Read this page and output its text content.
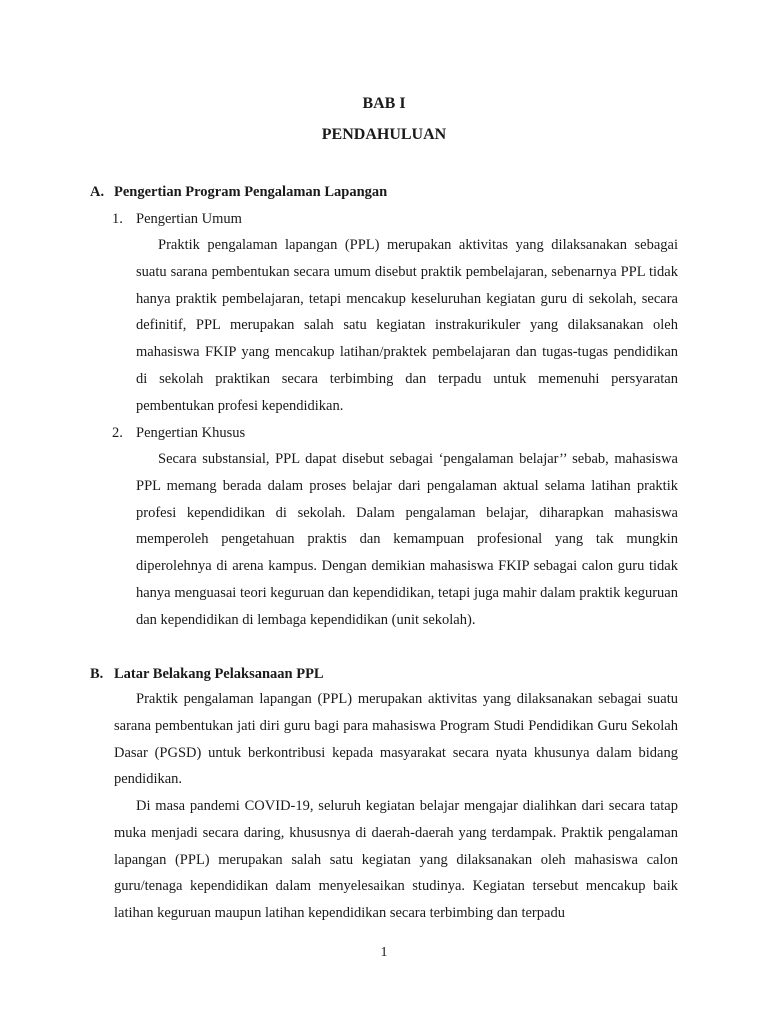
BAB I
PENDAHULUAN
A. Pengertian Program Pengalaman Lapangan
1. Pengertian Umum

Praktik pengalaman lapangan (PPL) merupakan aktivitas yang dilaksanakan sebagai suatu sarana pembentukan secara umum disebut praktik pembelajaran, sebenarnya PPL tidak hanya praktik pembelajaran, tetapi mencakup keseluruhan kegiatan guru di sekolah, secara definitif, PPL merupakan salah satu kegiatan instrakurikuler yang dilaksanakan oleh mahasiswa FKIP yang mencakup latihan/praktek pembelajaran dan tugas-tugas pendidikan di sekolah praktikan secara terbimbing dan terpadu untuk memenuhi persyaratan pembentukan profesi kependidikan.

2. Pengertian Khusus

Secara substansial, PPL dapat disebut sebagai ‘pengalaman belajar’’ sebab, mahasiswa PPL memang berada dalam proses belajar dari pengalaman aktual selama latihan praktik profesi kependidikan di sekolah. Dalam pengalaman belajar, diharapkan mahasiswa memperoleh pengetahuan praktis dan kemampuan profesional yang tak mungkin diperolehnya di arena kampus. Dengan demikian mahasiswa FKIP sebagai calon guru tidak hanya menguasai teori keguruan dan kependidikan, tetapi juga mahir dalam praktik keguruan dan kependidikan di lembaga kependidikan (unit sekolah).

B. Latar Belakang Pelaksanaan PPL

Praktik pengalaman lapangan (PPL) merupakan aktivitas yang dilaksanakan sebagai suatu sarana pembentukan jati diri guru bagi para mahasiswa Program Studi Pendidikan Guru Sekolah Dasar (PGSD) untuk berkontribusi kepada masyarakat secara nyata khusunya dalam bidang pendidikan.

Di masa pandemi COVID-19, seluruh kegiatan belajar mengajar dialihkan dari secara tatap muka menjadi secara daring, khususnya di daerah-daerah yang terdampak. Praktik pengalaman lapangan (PPL) merupakan salah satu kegiatan yang dilaksanakan oleh mahasiswa calon guru/tenaga kependidikan dalam menyelesaikan studinya. Kegiatan tersebut mencakup baik latihan keguruan maupun latihan kependidikan secara terbimbing dan terpadu

1
